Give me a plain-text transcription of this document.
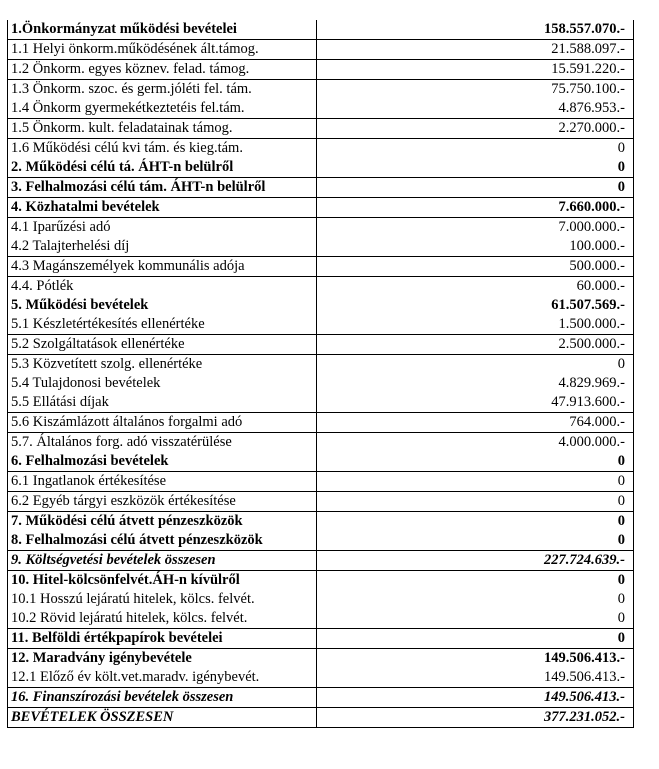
1.Önkormányzat működési bevételei	158.557.070.-
1.1 Helyi önkorm.működésének ált.támog.	21.588.097.-
1.2 Önkorm. egyes köznev. felad. támog.	15.591.220.-
1.3 Önkorm. szoc. és germ.jóléti fel. tám.	75.750.100.-
1.4 Önkorm gyermekétkeztetéis fel.tám.	4.876.953.-
1.5 Önkorm. kult. feladatainak támog.	2.270.000.-
1.6 Működési célú kvi tám. és kieg.tám.	0
2. Működési célú tá. ÁHT-n belülről	0
3. Felhalmozási célú tám. ÁHT-n belülről	0
4. Közhatalmi bevételek	7.660.000.-
4.1 Iparűzési adó	7.000.000.-
4.2 Talajterhelési díj	100.000.-
4.3 Magánszemélyek kommunális adója	500.000.-
4.4. Pótlék	60.000.-
5. Működési bevételek	61.507.569.-
5.1 Készletértékesítés ellenértéke	1.500.000.-
5.2 Szolgáltatások ellenértéke	2.500.000.-
5.3 Közvetített szolg. ellenértéke	0
5.4 Tulajdonosi bevételek	4.829.969.-
5.5 Ellátási díjak	47.913.600.-
5.6 Kiszámlázott általános forgalmi adó	764.000.-
5.7. Általános forg. adó visszatérülése	4.000.000.-
6. Felhalmozási bevételek	0
6.1 Ingatlanok értékesítése	0
6.2 Egyéb tárgyi eszközök értékesítése	0
7. Működési célú átvett pénzeszközök	0
8. Felhalmozási célú átvett pénzeszközök	0
9. Költségvetési bevételek összesen	227.724.639.-
10. Hitel-kölcsönfelvét.ÁH-n kívülről	0
10.1 Hosszú lejáratú hitelek, kölcs. felvét.	0
10.2 Rövid lejáratú hitelek, kölcs. felvét.	0
11. Belföldi értékpapírok bevételei	0
12. Maradvány igénybevétele	149.506.413.-
12.1 Előző év költ.vet.maradv. igénybevét.	149.506.413.-
16. Finanszírozási bevételek összesen	149.506.413.-
BEVÉTELEK ÖSSZESEN	377.231.052.-
